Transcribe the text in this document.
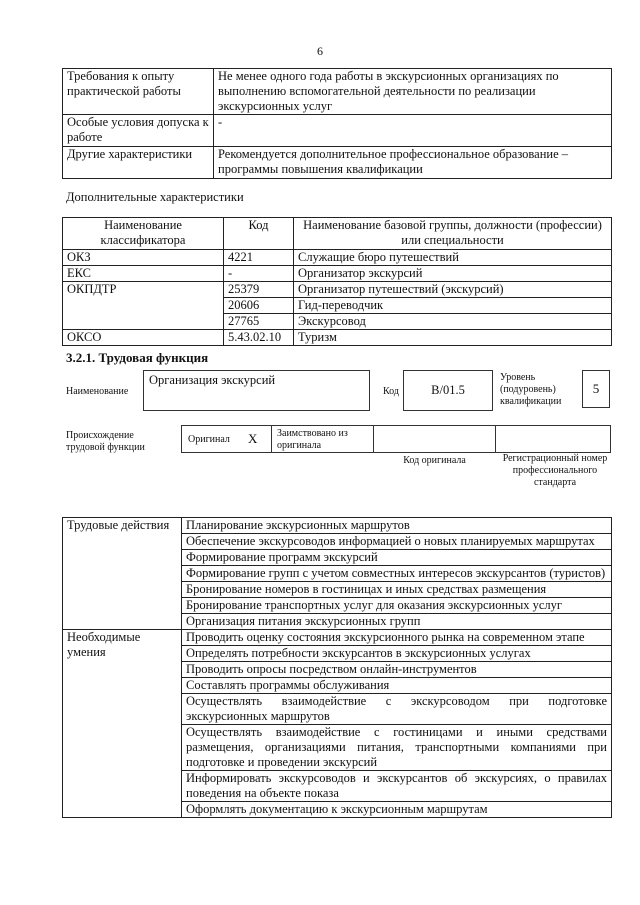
6
Требования к опыту практической работы	Не менее одного года работы в экскурсионных организациях по выполнению вспомогательной деятельности по реализации экскурсионных услуг
Особые условия допуска к работе	-
Другие характеристики	Рекомендуется дополнительное профессиональное образование – программы повышения квалификации
Дополнительные характеристики
Наименование классификатора	Код	Наименование базовой группы, должности (профессии) или специальности
ОКЗ	4221	Служащие бюро путешествий
ЕКС	-	Организатор экскурсий
ОКПДТР	25379	Организатор путешествий (экскурсий)
	20606	Гид-переводчик
	27765	Экскурсовод
ОКСО	5.43.02.10	Туризм
3.2.1. Трудовая функция
Наименование
Организация экскурсий
Код	B/01.5
Уровень (подуровень) квалификации
5
Происхождение трудовой функции
Оригинал X Заимствовано из оригинала
Код оригинала	Регистрационный номер профессионального стандарта
Трудовые действия	Планирование экскурсионных маршрутов
	Обеспечение экскурсоводов информацией о новых планируемых маршрутах
	Формирование программ экскурсий
	Формирование групп с учетом совместных интересов экскурсантов (туристов)
	Бронирование номеров в гостиницах и иных средствах размещения
	Бронирование транспортных услуг для оказания экскурсионных услуг
	Организация питания экскурсионных групп

Необходимые умения	Проводить оценку состояния экскурсионного рынка на современном этапе
	Определять потребности экскурсантов в экскурсионных услугах
	Проводить опросы посредством онлайн-инструментов
	Составлять программы обслуживания
	Осуществлять взаимодействие с экскурсоводом при подготовке экскурсионных маршрутов
	Осуществлять взаимодействие с гостиницами и иными средствами размещения, организациями питания, транспортными компаниями при подготовке и проведении экскурсий
	Информировать экскурсоводов и экскурсантов об экскурсиях, о правилах поведения на объекте показа
	Оформлять документацию к экскурсионным маршрутам
